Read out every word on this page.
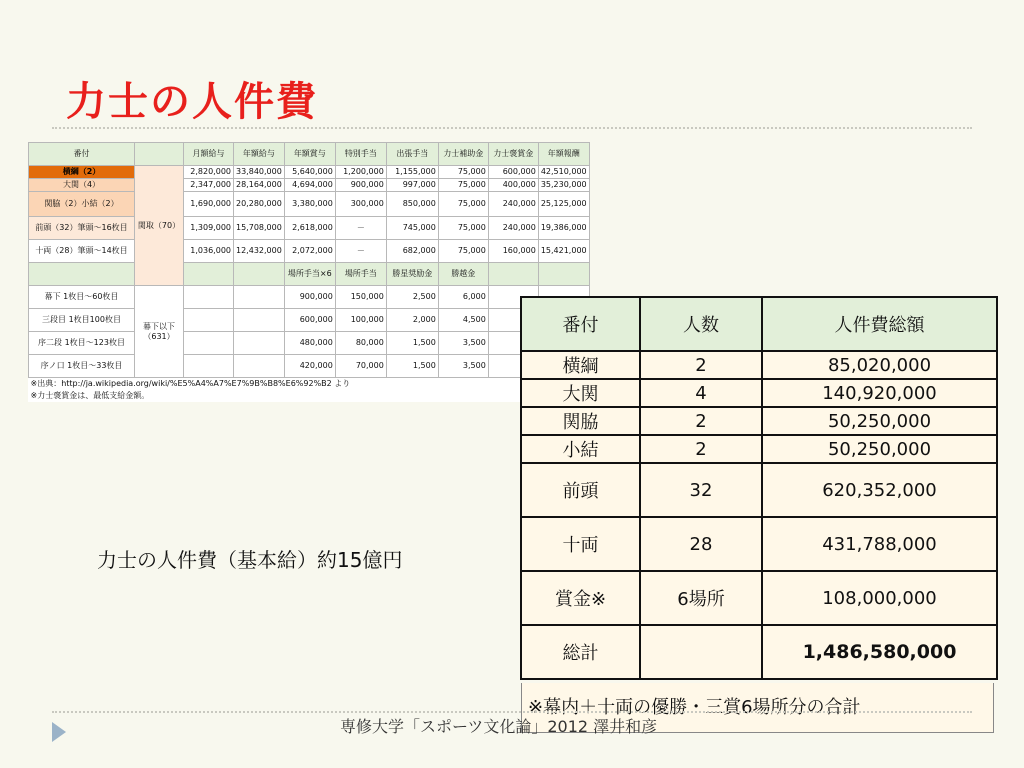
力士の人件費
番付		月額給与	年額給与	年額賞与	特別手当	出張手当	力士補助金	力士褒賞金	年額報酬
横綱（2）	関取（70）	2,820,000	33,840,000	5,640,000	1,200,000	1,155,000	75,000	600,000	42,510,000
大関（4）		2,347,000	28,164,000	4,694,000	900,000	997,000	75,000	400,000	35,230,000
関脇（2）小結（2）		1,690,000	20,280,000	3,380,000	300,000	850,000	75,000	240,000	25,125,000
前頭（32）筆頭～16枚目		1,309,000	15,708,000	2,618,000	－	745,000	75,000	240,000	19,386,000
十両（28）筆頭～14枚目		1,036,000	12,432,000	2,072,000	－	682,000	75,000	160,000	15,421,000
				場所手当×6	場所手当	勝星奨励金	勝越金		
幕下 1枚目～60枚目	幕下以下（631）			900,000	150,000	2,500	6,000		
三段目 1枚目100枚目				600,000	100,000	2,000	4,500		
序二段 1枚目～123枚目				480,000	80,000	1,500	3,500		
序ノ口 1枚目～33枚目				420,000	70,000	1,500	3,500		
※出典：http://ja.wikipedia.org/wiki/%E5%A4%A7%E7%9B%B8%E6%92%B2 より									
※力士褒賞金は、最低支給金額。									
力士の人件費（基本給）約15億円
番付	人数	人件費総額
横綱	2	85,020,000
大関	4	140,920,000
関脇	2	50,250,000
小結	2	50,250,000
前頭	32	620,352,000
十両	28	431,788,000
賞金※	6場所	108,000,000
総計		1,486,580,000
※幕内＋十両の優勝・三賞6場所分の合計
専修大学「スポーツ文化論」2012 澤井和彦
